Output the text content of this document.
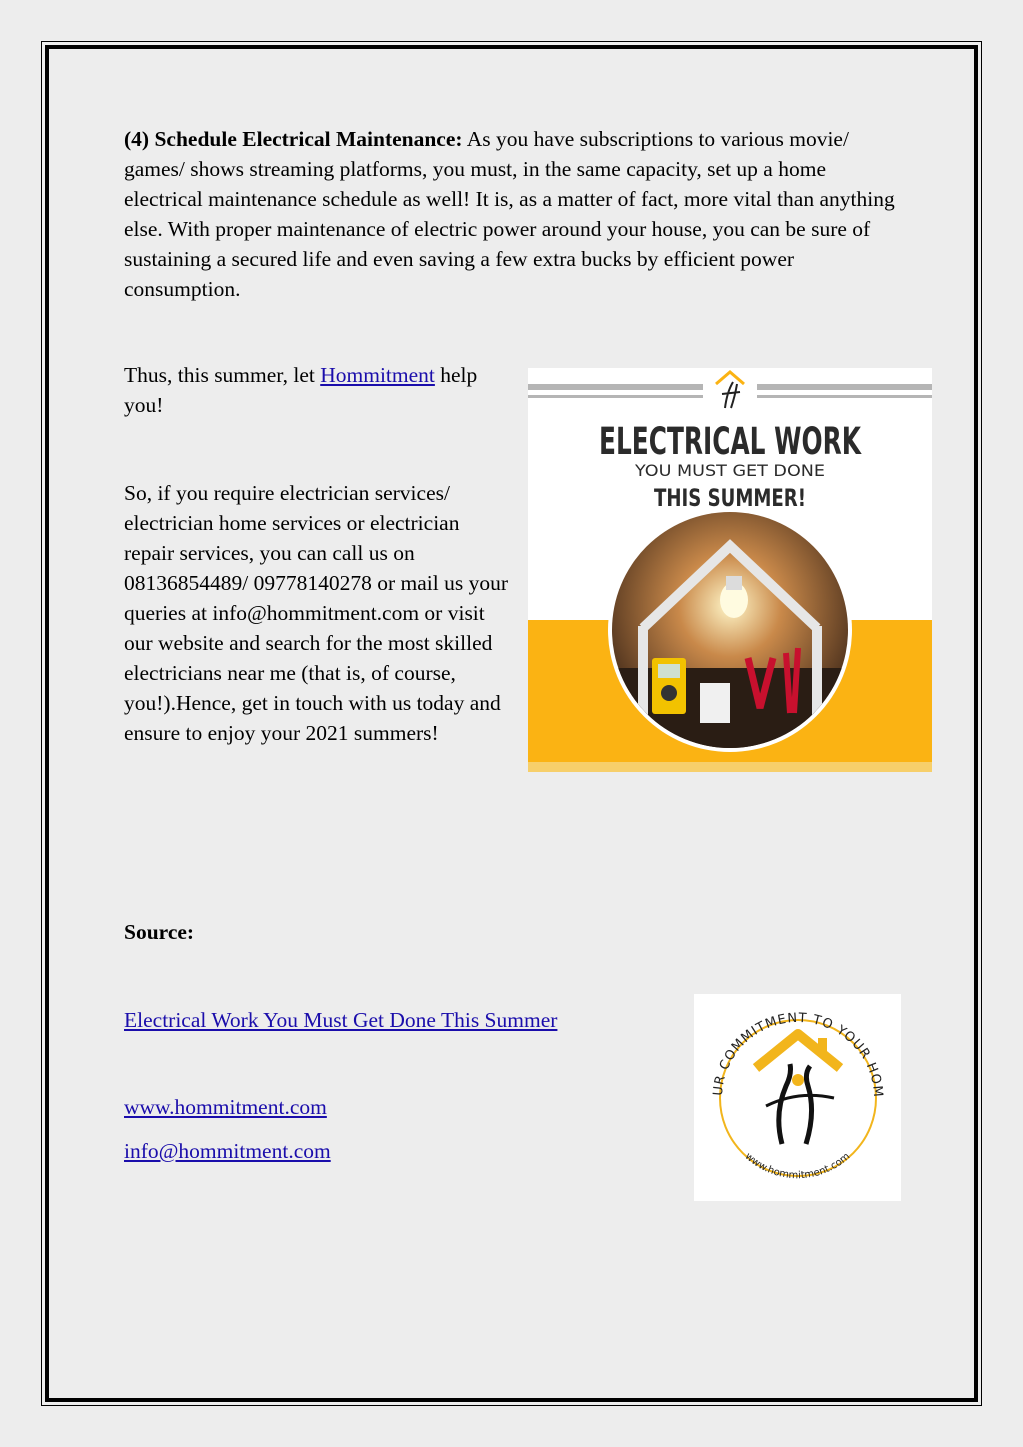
(4) Schedule Electrical Maintenance: As you have subscriptions to various movie/ games/ shows streaming platforms, you must, in the same capacity, set up a home electrical maintenance schedule as well! It is, as a matter of fact, more vital than anything else. With proper maintenance of electric power around your house, you can be sure of sustaining a secured life and even saving a few extra bucks by efficient power consumption.

Thus, this summer, let Hommitment help you!

So, if you require electrician services/ electrician home services or electrician repair services, you can call us on 08136854489/ 09778140278 or mail us your queries at info@hommitment.com or visit our website and search for the most skilled electricians near me (that is, of course, you!).Hence, get in touch with us today and ensure to enjoy your 2021 summers!

ELECTRICAL WORK
YOU MUST GET DONE
THIS SUMMER!

Source:

Electrical Work You Must Get Done This Summer
www.hommitment.com
info@hommitment.com
UR COMMITMENT TO YOUR HOM
www.hommitment.com
